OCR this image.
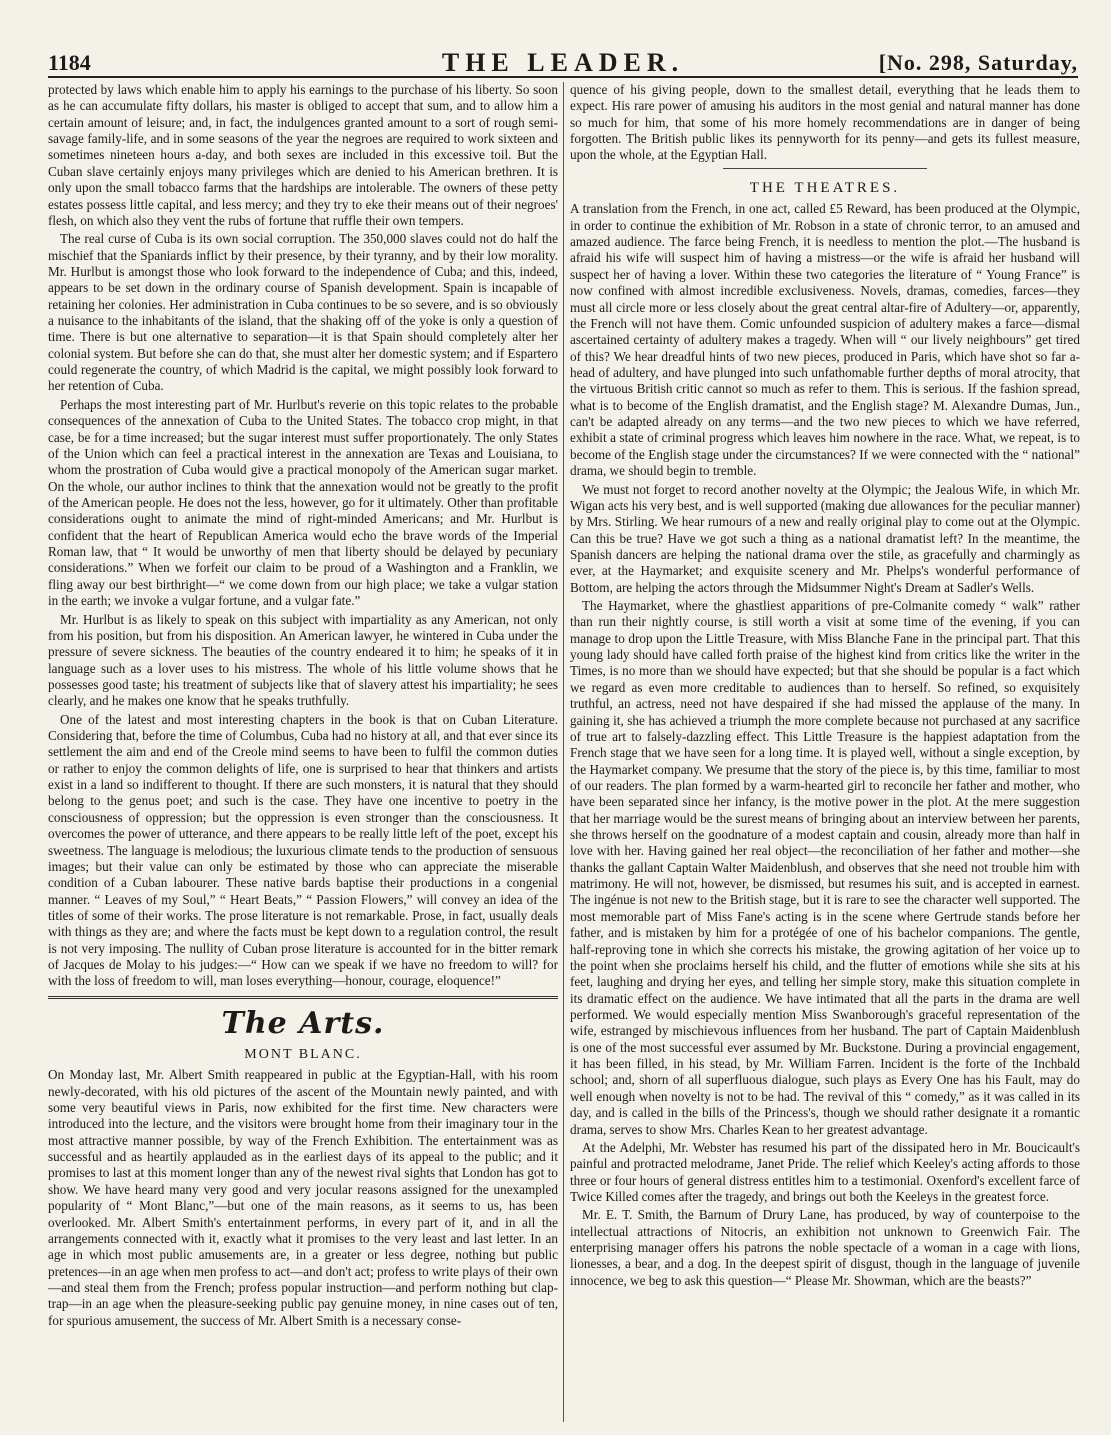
1184	THE LEADER.	[No. 298, Saturday,

protected by laws which enable him to apply his earnings to the purchase of his liberty. So soon as he can accumulate fifty dollars, his master is obliged to accept that sum, and to allow him a certain amount of leisure; and, in fact, the indulgences granted amount to a sort of rough semi-savage family-life, and in some seasons of the year the negroes are required to work sixteen and sometimes nineteen hours a-day, and both sexes are included in this excessive toil. But the Cuban slave certainly enjoys many privileges which are denied to his American brethren. It is only upon the small tobacco farms that the hardships are intolerable. The owners of these petty estates possess little capital, and less mercy; and they try to eke their means out of their negroes' flesh, on which also they vent the rubs of fortune that ruffle their own tempers.

The real curse of Cuba is its own social corruption. The 350,000 slaves could not do half the mischief that the Spaniards inflict by their presence, by their tyranny, and by their low morality. Mr. Hurlbut is amongst those who look forward to the independence of Cuba; and this, indeed, appears to be set down in the ordinary course of Spanish development. Spain is incapable of retaining her colonies. Her administration in Cuba continues to be so severe, and is so obviously a nuisance to the inhabitants of the island, that the shaking off of the yoke is only a question of time. There is but one alternative to separation—it is that Spain should completely alter her colonial system. But before she can do that, she must alter her domestic system; and if Espartero could regenerate the country, of which Madrid is the capital, we might possibly look forward to her retention of Cuba.

Perhaps the most interesting part of Mr. Hurlbut's reverie on this topic relates to the probable consequences of the annexation of Cuba to the United States. The tobacco crop might, in that case, be for a time increased; but the sugar interest must suffer proportionately. The only States of the Union which can feel a practical interest in the annexation are Texas and Louisiana, to whom the prostration of Cuba would give a practical monopoly of the American sugar market. On the whole, our author inclines to think that the annexation would not be greatly to the profit of the American people. He does not the less, however, go for it ultimately. Other than profitable considerations ought to animate the mind of right-minded Americans; and Mr. Hurlbut is confident that the heart of Republican America would echo the brave words of the Imperial Roman law, that “ It would be unworthy of men that liberty should be delayed by pecuniary considerations.” When we forfeit our claim to be proud of a Washington and a Franklin, we fling away our best birthright—“ we come down from our high place; we take a vulgar station in the earth; we invoke a vulgar fortune, and a vulgar fate.”

Mr. Hurlbut is as likely to speak on this subject with impartiality as any American, not only from his position, but from his disposition. An American lawyer, he wintered in Cuba under the pressure of severe sickness. The beauties of the country endeared it to him; he speaks of it in language such as a lover uses to his mistress. The whole of his little volume shows that he possesses good taste; his treatment of subjects like that of slavery attest his impartiality; he sees clearly, and he makes one know that he speaks truthfully.

One of the latest and most interesting chapters in the book is that on Cuban Literature. Considering that, before the time of Columbus, Cuba had no history at all, and that ever since its settlement the aim and end of the Creole mind seems to have been to fulfil the common duties or rather to enjoy the common delights of life, one is surprised to hear that thinkers and artists exist in a land so indifferent to thought. If there are such monsters, it is natural that they should belong to the genus poet; and such is the case. They have one incentive to poetry in the consciousness of oppression; but the oppression is even stronger than the consciousness. It overcomes the power of utterance, and there appears to be really little left of the poet, except his sweetness. The language is melodious; the luxurious climate tends to the production of sensuous images; but their value can only be estimated by those who can appreciate the miserable condition of a Cuban labourer. These native bards baptise their productions in a congenial manner. “ Leaves of my Soul,” “ Heart Beats,” “ Passion Flowers,” will convey an idea of the titles of some of their works. The prose literature is not remarkable. Prose, in fact, usually deals with things as they are; and where the facts must be kept down to a regulation control, the result is not very imposing. The nullity of Cuban prose literature is accounted for in the bitter remark of Jacques de Molay to his judges:—“ How can we speak if we have no freedom to will? for with the loss of freedom to will, man loses everything—honour, courage, eloquence!”

The Arts.
MONT BLANC.

On Monday last, Mr. Albert Smith reappeared in public at the Egyptian-Hall, with his room newly-decorated, with his old pictures of the ascent of the Mountain newly painted, and with some very beautiful views in Paris, now exhibited for the first time. New characters were introduced into the lecture, and the visitors were brought home from their imaginary tour in the most attractive manner possible, by way of the French Exhibition. The entertainment was as successful and as heartily applauded as in the earliest days of its appeal to the public; and it promises to last at this moment longer than any of the newest rival sights that London has got to show. We have heard many very good and very jocular reasons assigned for the unexampled popularity of “ Mont Blanc,”—but one of the main reasons, as it seems to us, has been overlooked. Mr. Albert Smith's entertainment performs, in every part of it, and in all the arrangements connected with it, exactly what it promises to the very least and last letter. In an age in which most public amusements are, in a greater or less degree, nothing but public pretences—in an age when men profess to act—and don't act; profess to write plays of their own—and steal them from the French; profess popular instruction—and perform nothing but clap-trap—in an age when the pleasure-seeking public pay genuine money, in nine cases out of ten, for spurious amusement, the success of Mr. Albert Smith is a necessary conse-

quence of his giving people, down to the smallest detail, everything that he leads them to expect. His rare power of amusing his auditors in the most genial and natural manner has done so much for him, that some of his more homely recommendations are in danger of being forgotten. The British public likes its pennyworth for its penny—and gets its fullest measure, upon the whole, at the Egyptian Hall.

THE THEATRES.

A translation from the French, in one act, called £5 Reward, has been produced at the Olympic, in order to continue the exhibition of Mr. Robson in a state of chronic terror, to an amused and amazed audience. The farce being French, it is needless to mention the plot.—The husband is afraid his wife will suspect him of having a mistress—or the wife is afraid her husband will suspect her of having a lover. Within these two categories the literature of “ Young France” is now confined with almost incredible exclusiveness. Novels, dramas, comedies, farces—they must all circle more or less closely about the great central altar-fire of Adultery—or, apparently, the French will not have them. Comic unfounded suspicion of adultery makes a farce—dismal ascertained certainty of adultery makes a tragedy. When will “ our lively neighbours” get tired of this? We hear dreadful hints of two new pieces, produced in Paris, which have shot so far a-head of adultery, and have plunged into such unfathomable further depths of moral atrocity, that the virtuous British critic cannot so much as refer to them. This is serious. If the fashion spread, what is to become of the English dramatist, and the English stage? M. Alexandre Dumas, Jun., can't be adapted already on any terms—and the two new pieces to which we have referred, exhibit a state of criminal progress which leaves him nowhere in the race. What, we repeat, is to become of the English stage under the circumstances? If we were connected with the “ national” drama, we should begin to tremble.

We must not forget to record another novelty at the Olympic; the Jealous Wife, in which Mr. Wigan acts his very best, and is well supported (making due allowances for the peculiar manner) by Mrs. Stirling. We hear rumours of a new and really original play to come out at the Olympic. Can this be true? Have we got such a thing as a national dramatist left? In the meantime, the Spanish dancers are helping the national drama over the stile, as gracefully and charmingly as ever, at the Haymarket; and exquisite scenery and Mr. Phelps's wonderful performance of Bottom, are helping the actors through the Midsummer Night's Dream at Sadler's Wells.

The Haymarket, where the ghastliest apparitions of pre-Colmanite comedy “ walk” rather than run their nightly course, is still worth a visit at some time of the evening, if you can manage to drop upon the Little Treasure, with Miss Blanche Fane in the principal part. That this young lady should have called forth praise of the highest kind from critics like the writer in the Times, is no more than we should have expected; but that she should be popular is a fact which we regard as even more creditable to audiences than to herself. So refined, so exquisitely truthful, an actress, need not have despaired if she had missed the applause of the many. In gaining it, she has achieved a triumph the more complete because not purchased at any sacrifice of true art to falsely-dazzling effect. This Little Treasure is the happiest adaptation from the French stage that we have seen for a long time. It is played well, without a single exception, by the Haymarket company. We presume that the story of the piece is, by this time, familiar to most of our readers. The plan formed by a warm-hearted girl to reconcile her father and mother, who have been separated since her infancy, is the motive power in the plot. At the mere suggestion that her marriage would be the surest means of bringing about an interview between her parents, she throws herself on the goodnature of a modest captain and cousin, already more than half in love with her. Having gained her real object—the reconciliation of her father and mother—she thanks the gallant Captain Walter Maidenblush, and observes that she need not trouble him with matrimony. He will not, however, be dismissed, but resumes his suit, and is accepted in earnest. The ingénue is not new to the British stage, but it is rare to see the character well supported. The most memorable part of Miss Fane's acting is in the scene where Gertrude stands before her father, and is mistaken by him for a protégée of one of his bachelor companions. The gentle, half-reproving tone in which she corrects his mistake, the growing agitation of her voice up to the point when she proclaims herself his child, and the flutter of emotions while she sits at his feet, laughing and drying her eyes, and telling her simple story, make this situation complete in its dramatic effect on the audience. We have intimated that all the parts in the drama are well performed. We would especially mention Miss Swanborough's graceful representation of the wife, estranged by mischievous influences from her husband. The part of Captain Maidenblush is one of the most successful ever assumed by Mr. Buckstone. During a provincial engagement, it has been filled, in his stead, by Mr. William Farren. Incident is the forte of the Inchbald school; and, shorn of all superfluous dialogue, such plays as Every One has his Fault, may do well enough when novelty is not to be had. The revival of this “ comedy,” as it was called in its day, and is called in the bills of the Princess's, though we should rather designate it a romantic drama, serves to show Mrs. Charles Kean to her greatest advantage.

At the Adelphi, Mr. Webster has resumed his part of the dissipated hero in Mr. Boucicault's painful and protracted melodrame, Janet Pride. The relief which Keeley's acting affords to those three or four hours of general distress entitles him to a testimonial. Oxenford's excellent farce of Twice Killed comes after the tragedy, and brings out both the Keeleys in the greatest force.

Mr. E. T. Smith, the Barnum of Drury Lane, has produced, by way of counterpoise to the intellectual attractions of Nitocris, an exhibition not unknown to Greenwich Fair. The enterprising manager offers his patrons the noble spectacle of a woman in a cage with lions, lionesses, a bear, and a dog. In the deepest spirit of disgust, though in the language of juvenile innocence, we beg to ask this question—“ Please Mr. Showman, which are the beasts?”
